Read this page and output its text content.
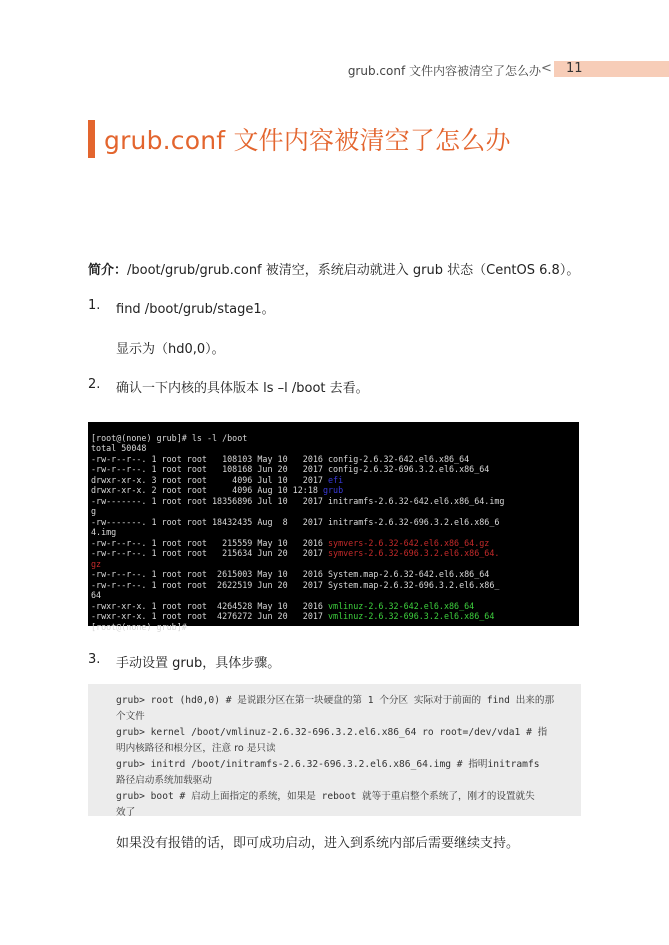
grub.conf 文件内容被清空了怎么办 < 11
grub.conf 文件内容被清空了怎么办
简介：/boot/grub/grub.conf 被清空，系统启动就进入 grub 状态（CentOS 6.8）。
1. find /boot/grub/stage1。
显示为（hd0,0）。
2. 确认一下内核的具体版本 ls –l /boot 去看。

[root@(none) grub]# ls -l /boot
total 50048
-rw-r--r--. 1 root root   108103 May 10   2016 config-2.6.32-642.el6.x86_64
-rw-r--r--. 1 root root   108168 Jun 20   2017 config-2.6.32-696.3.2.el6.x86_64
drwxr-xr-x. 3 root root     4096 Jul 10   2017 efi
drwxr-xr-x. 2 root root     4096 Aug 10 12:18 grub
-rw-------. 1 root root 18356896 Jul 10   2017 initramfs-2.6.32-642.el6.x86_64.img
g
-rw-------. 1 root root 18432435 Aug  8   2017 initramfs-2.6.32-696.3.2.el6.x86_6
4.img
-rw-r--r--. 1 root root   215559 May 10   2016 symvers-2.6.32-642.el6.x86_64.gz
-rw-r--r--. 1 root root   215634 Jun 20   2017 symvers-2.6.32-696.3.2.el6.x86_64.
gz
-rw-r--r--. 1 root root  2615003 May 10   2016 System.map-2.6.32-642.el6.x86_64
-rw-r--r--. 1 root root  2622519 Jun 20   2017 System.map-2.6.32-696.3.2.el6.x86_
64
-rwxr-xr-x. 1 root root  4264528 May 10   2016 vmlinuz-2.6.32-642.el6.x86_64
-rwxr-xr-x. 1 root root  4276272 Jun 20   2017 vmlinuz-2.6.32-696.3.2.el6.x86_64
[root@(none) grub]#
3. 手动设置 grub，具体步骤。
grub> root (hd0,0) # 是说跟分区在第一块硬盘的第 1 个分区 实际对于前面的 find 出来的那
个文件
grub> kernel /boot/vmlinuz-2.6.32-696.3.2.el6.x86_64 ro root=/dev/vda1 # 指
明内核路径和根分区，注意 ro 是只读
grub> initrd /boot/initramfs-2.6.32-696.3.2.el6.x86_64.img # 指明initramfs
路径启动系统加载驱动
grub> boot # 启动上面指定的系统，如果是 reboot 就等于重启整个系统了，刚才的设置就失
效了
如果没有报错的话，即可成功启动，进入到系统内部后需要继续支持。
